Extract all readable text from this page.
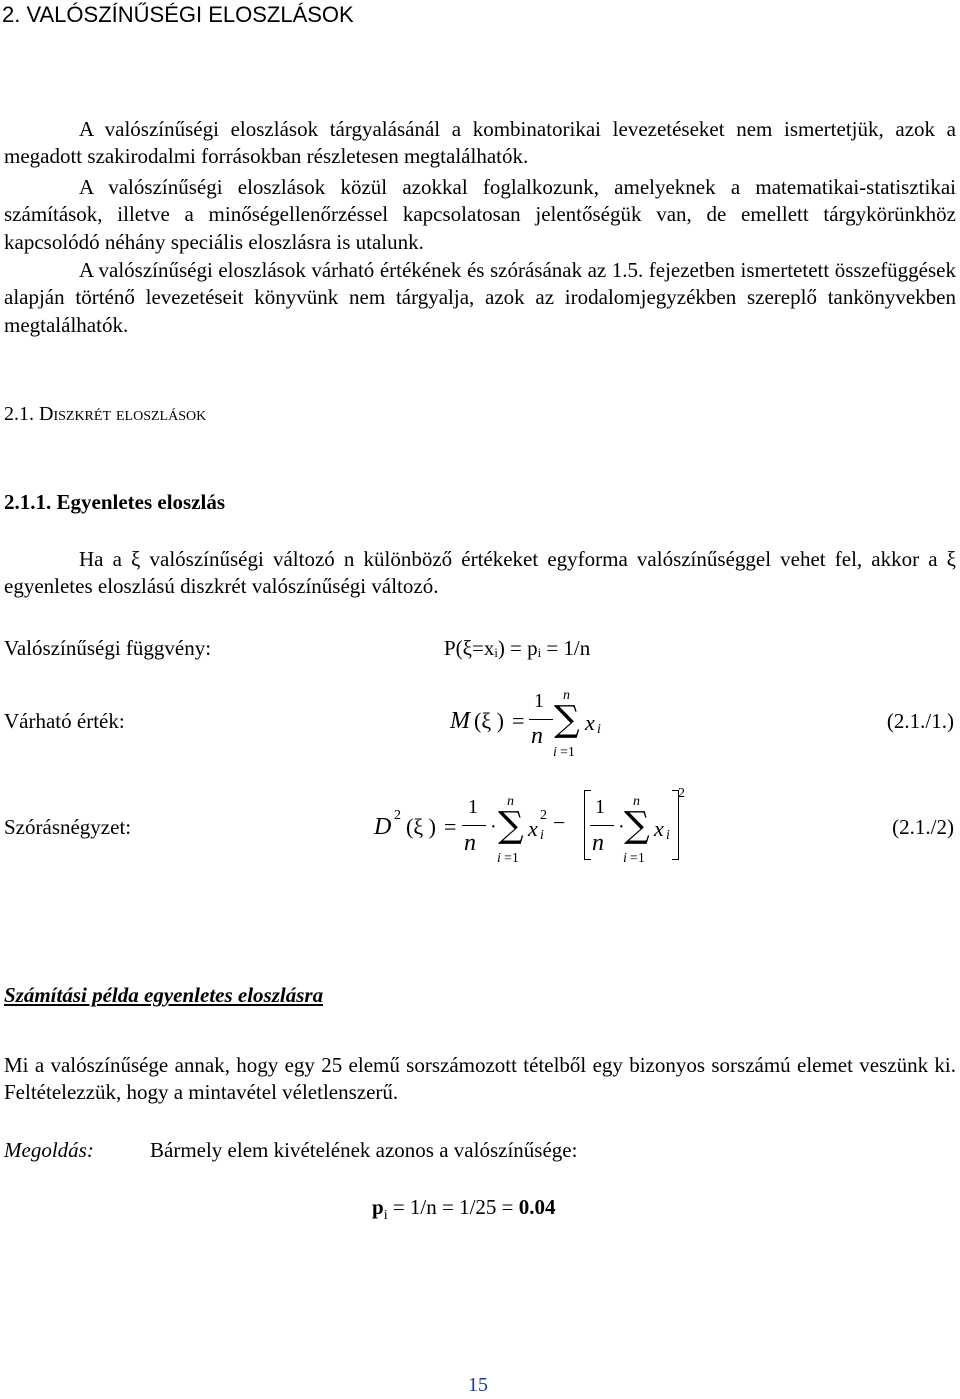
2. VALÓSZÍNŰSÉGI ELOSZLÁSOK

A valószínűségi eloszlások tárgyalásánál a kombinatorikai levezetéseket nem ismertetjük, azok a megadott szakirodalmi forrásokban részletesen megtalálhatók.

A valószínűségi eloszlások közül azokkal foglalkozunk, amelyeknek a matematikai-statisztikai számítások, illetve a minőségellenőrzéssel kapcsolatosan jelentőségük van, de emellett tárgykörünkhöz kapcsolódó néhány speciális eloszlásra is utalunk.

A valószínűségi eloszlások várható értékének és szórásának az 1.5. fejezetben ismertetett összefüggések alapján történő levezetéseit könyvünk nem tárgyalja, azok az irodalomjegyzékben szereplő tankönyvekben megtalálhatók.

2.1. Diszkrét eloszlások
2.1.1. Egyenletes eloszlás

Ha a ξ valószínűségi változó n különböző értékeket egyforma valószínűséggel vehet fel, akkor a ξ egyenletes eloszlású diszkrét valószínűségi változó.

Valószínűségi függvény:	P(ξ=xᵢ) = pᵢ = 1/n
Várható érték:	M (ξ ) =
1
n
n
∑
i =1
x i	(2.1./1.)
Szórásnégyzet:	D 2 (ξ ) =
1
n
·
n
∑
i =1
x
2
i
−
1
n
·
n
∑
i =1
x i
2
(2.1./2)
Számítási példa egyenletes eloszlásra

Mi a valószínűsége annak, hogy egy 25 elemű sorszámozott tételből egy bizonyos sorszámú elemet veszünk ki. Feltételezzük, hogy a mintavétel véletlenszerű.

Megoldás:	Bármely elem kivételének azonos a valószínűsége:
$p_i = 1/n = 1/25 = 0.04$
15
